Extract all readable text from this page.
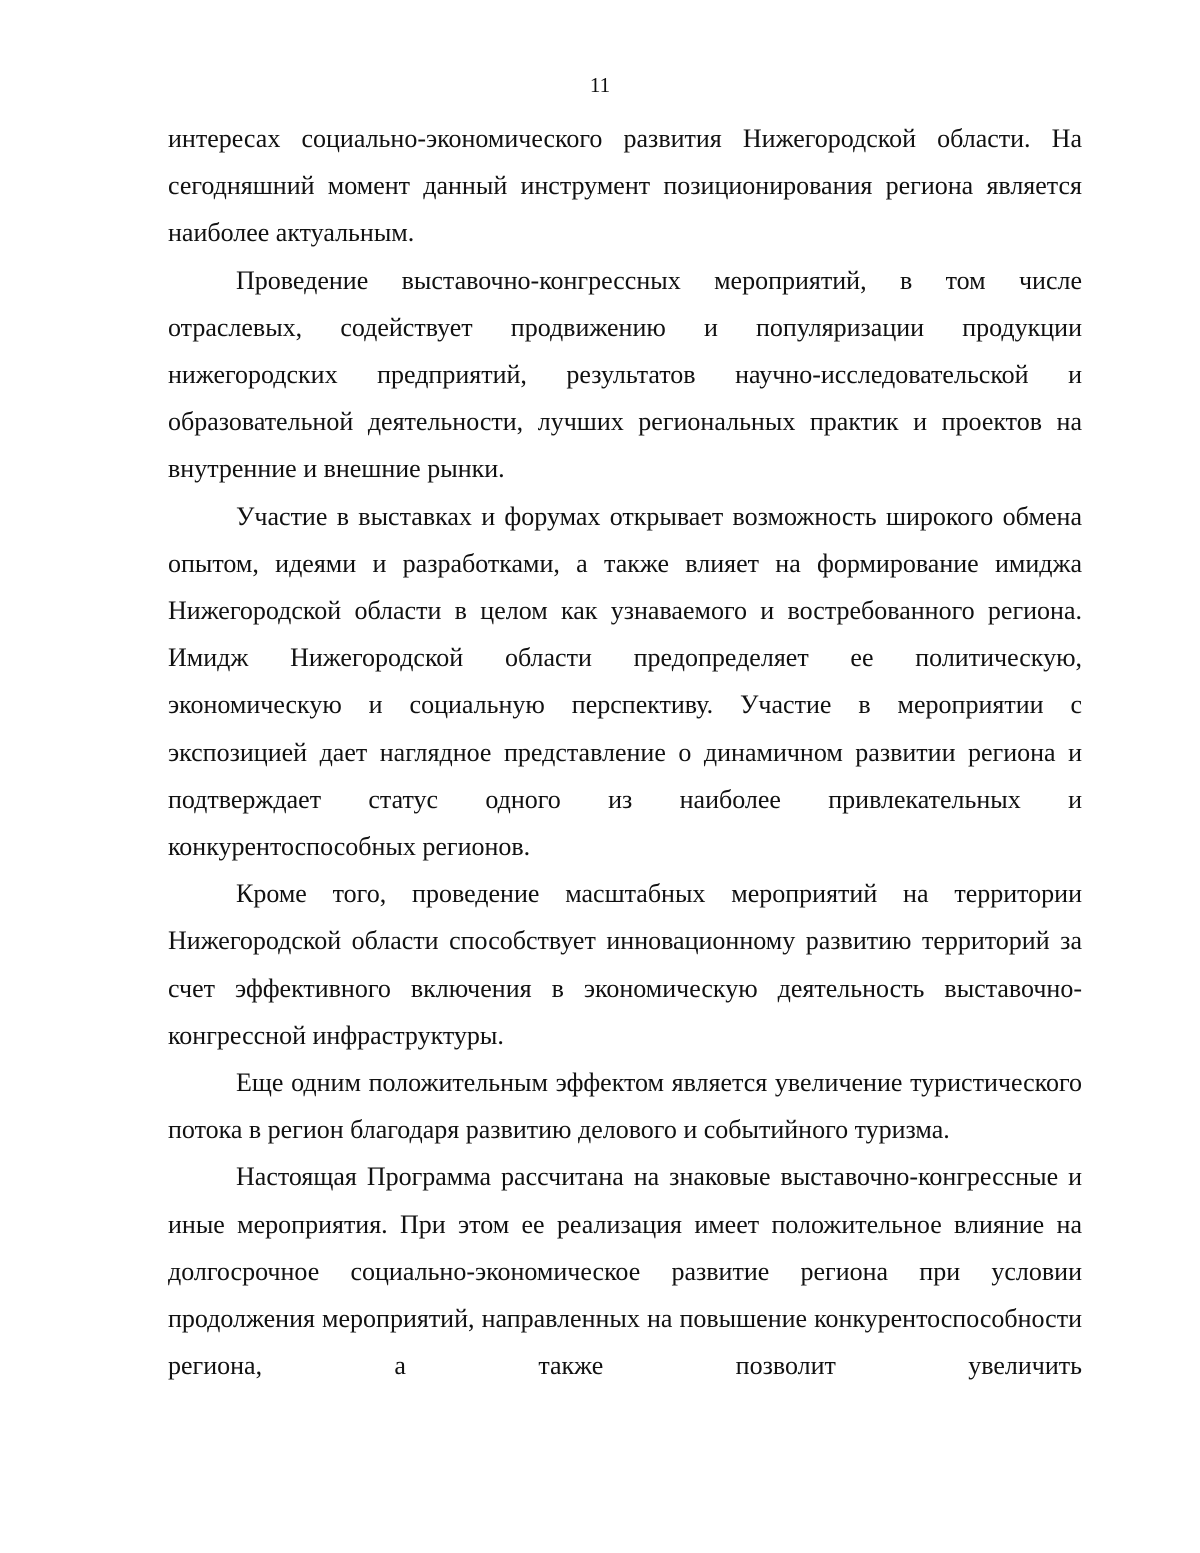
11

интересах социально-экономического развития Нижегородской области. На сегодняшний момент данный инструмент позиционирования региона является наиболее актуальным.

Проведение выставочно-конгрессных мероприятий, в том числе отраслевых, содействует продвижению и популяризации продукции нижегородских предприятий, результатов научно-исследовательской и образовательной деятельности, лучших региональных практик и проектов на внутренние и внешние рынки.

Участие в выставках и форумах открывает возможность широкого обмена опытом, идеями и разработками, а также влияет на формирование имиджа Нижегородской области в целом как узнаваемого и востребованного региона. Имидж Нижегородской области предопределяет ее политическую, экономическую и социальную перспективу. Участие в мероприятии с экспозицией дает наглядное представление о динамичном развитии региона и подтверждает статус одного из наиболее привлекательных и конкурентоспособных регионов.

Кроме того, проведение масштабных мероприятий на территории Нижегородской области способствует инновационному развитию территорий за счет эффективного включения в экономическую деятельность выставочно-конгрессной инфраструктуры.

Еще одним положительным эффектом является увеличение туристического потока в регион благодаря развитию делового и событийного туризма.

Настоящая Программа рассчитана на знаковые выставочно-конгрессные и иные мероприятия. При этом ее реализация имеет положительное влияние на долгосрочное социально-экономическое развитие региона при условии продолжения мероприятий, направленных на повышение конкурентоспособности региона, а также позволит увеличить
